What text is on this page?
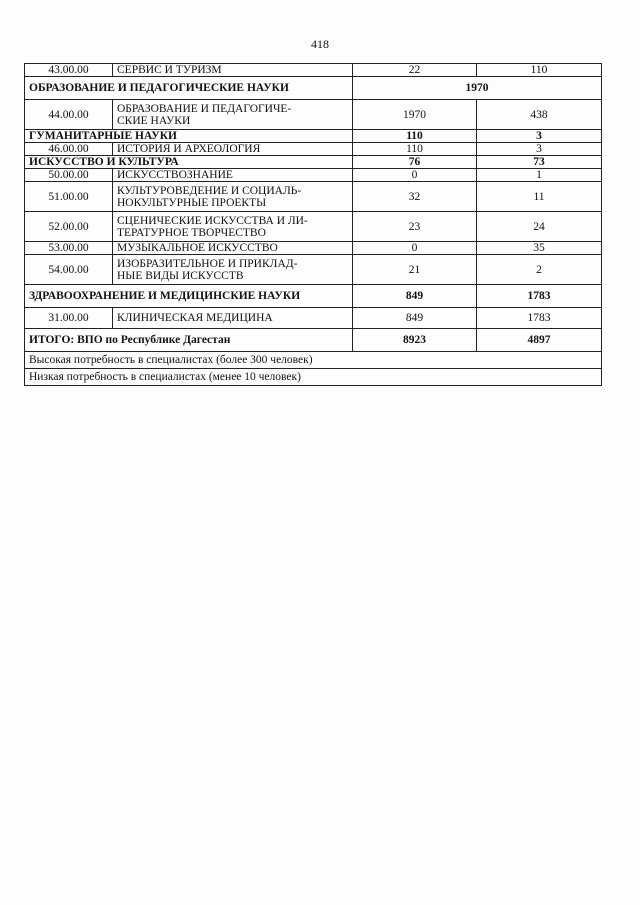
418
43.00.00	СЕРВИС И ТУРИЗМ	22	110
ОБРАЗОВАНИЕ И ПЕДАГОГИЧЕСКИЕ НАУКИ		1970	
44.00.00	ОБРАЗОВАНИЕ И ПЕДАГОГИЧЕ-
СКИЕ НАУКИ	1970	438
ГУМАНИТАРНЫЕ НАУКИ		110	3
46.00.00	ИСТОРИЯ И АРХЕОЛОГИЯ	110	3
ИСКУССТВО И КУЛЬТУРА		76	73
50.00.00	ИСКУССТВОЗНАНИЕ	0	1
51.00.00	КУЛЬТУРОВЕДЕНИЕ И СОЦИАЛЬ-
НОКУЛЬТУРНЫЕ ПРОЕКТЫ	32	11
52.00.00	СЦЕНИЧЕСКИЕ ИСКУССТВА И ЛИ-
ТЕРАТУРНОЕ ТВОРЧЕСТВО	23	24
53.00.00	МУЗЫКАЛЬНОЕ ИСКУССТВО	0	35
54.00.00	ИЗОБРАЗИТЕЛЬНОЕ И ПРИКЛАД-
НЫЕ ВИДЫ ИСКУССТВ	21	2
ЗДРАВООХРАНЕНИЕ И МЕДИЦИНСКИЕ НАУКИ		849	1783
31.00.00	КЛИНИЧЕСКАЯ МЕДИЦИНА	849	1783
ИТОГО: ВПО по Республике Дагестан		8923	4897
Высокая потребность в специалистах (более 300 человек)			
Низкая потребность в специалистах (менее 10 человек)			
